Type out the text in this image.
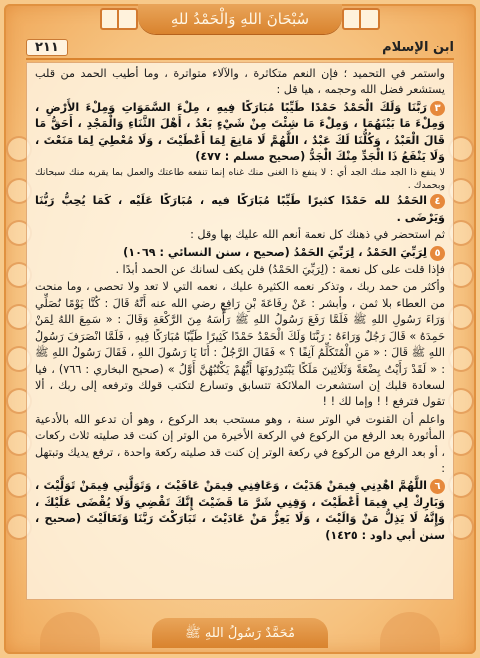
سُبْحَانَ اللهِ وَالْحَمْدُ للهِ
٢١١	ابن الإسلام

واستمر في التحميد ؛ فإن النعم متكاثرة ، والآلاء متواترة ، وما أطيب الحمد من قلب يستشعر فضل الله وحجمه ، هيا قل :

٣رَبَّنَا وَلَكَ الْحَمْدُ حَمْدًا طَيِّبًا مُبَارَكًا فِيهِ ، مِلْءَ السَّمَوَاتِ وَمِلْءَ الأَرْضِ ، وَمِلْءَ مَا بَيْنَهُمَا ، وَمِلْءَ مَا شِئْتَ مِنْ شَيْءٍ بَعْدُ ، أَهْلَ الثَّنَاءِ وَالْمَجْدِ ، أَحَقُّ مَا قَالَ الْعَبْدُ ، وَكُلُّنَا لَكَ عَبْدٌ ، اللَّهُمَّ لَا مَانِعَ لِمَا أَعْطَيْتَ ، وَلَا مُعْطِيَ لِمَا مَنَعْتَ ، وَلَا يَنْفَعُ ذَا الْجَدِّ مِنْكَ الْجَدُّ (صحيح مسلم : ٤٧٧)

لا ينفع ذا الجد منك الجد أي : لا ينفع ذا الغنى منك غناه إنما تنفعه طاعتك والعمل بما يقربه منك سبحانك وبحمدك .

٤الحَمْدُ لله حَمْدًا كثيرًا طَيِّبًا مُبَارَكًا فيه ، مُبَارَكًا عَلَيْه ، كَمَا يُحِبُّ رَبُّنَا وَيَرْضَى .

ثم استحضر في ذهنك كل نعمة أنعم الله عليك بها وقل :

٥لِرَبِّيَ الحَمْدُ ، لِرَبِّيَ الحَمْدُ (صحيح ، سنن النسائي : ١٠٦٩)

فإذا قلت على كل نعمة : (لِرَبِّيَ الحَمْدُ) فلن يكف لسانك عن الحمد أبدًا .

وأكثر من حمد ربك ، وتذكر نعمه الكثيرة عليك ، نعمه التي لا تعد ولا تحصى ، وما منحت من العطاء بلا ثمن ، وأبشر : عَنْ رِفَاعَةَ بْنِ رَافِعٍ رضي الله عنه أَنَّهُ قَالَ : كُنَّا يَوْمًا نُصَلِّي وَرَاءَ رَسُولِ اللهِ ﷺ فَلَمَّا رَفَعَ رَسُولُ اللهِ ﷺ رَأْسَهُ مِنَ الرَّكْعَةِ وَقَالَ : « سَمِعَ اللهُ لِمَنْ حَمِدَهُ » قَالَ رَجُلٌ وَرَاءَهُ : رَبَّنَا وَلَكَ الْحَمْدُ حَمْدًا كَثِيرًا طَيِّبًا مُبَارَكًا فِيهِ ، فَلَمَّا انْصَرَفَ رَسُولُ اللهِ ﷺ قَالَ : « مَنِ الْمُتَكَلِّمُ آنِفًا ؟ » فَقَالَ الرَّجُلُ : أَنَا يَا رَسُولَ اللهِ ، فَقَالَ رَسُولُ اللهِ ﷺ : « لَقَدْ رَأَيْتُ بِضْعَةً وَثَلَاثِينَ مَلَكًا يَبْتَدِرُونَهَا أَيُّهُمْ يَكْتُبُهُنَّ أَوَّلُ » (صحيح البخاري : ٧٦٦) ، فيا لسعادة قلبك إن استشعرت الملائكة تتسابق وتسارع لتكتب قولك وترفعه إلى ربك ، ألا تقول فترفع ! ! وإما لك ! !

واعلم أن القنوت في الوتر سنة ، وهو مستحب بعد الركوع ، وهو أن تدعو الله بالأدعية المأثورة بعد الرفع من الركوع في الركعة الأخيرة من الوتر إن كنت قد صليته ثلاث ركعات ، أو بعد الرفع من الركوع في ركعة الوتر إن كنت قد صليته ركعة واحدة ، ترفع يديك وتبتهل :

٦اللَّهُمَّ اهْدِنِي فِيمَنْ هَدَيْتَ ، وَعَافِنِي فِيمَنْ عَافَيْتَ ، وَتَوَلَّنِي فِيمَنْ تَوَلَّيْتَ ، وَبَارِكْ لِي فِيمَا أَعْطَيْتَ ، وَقِنِي شَرَّ مَا قَضَيْتَ إِنَّكَ تَقْضِي وَلَا يُقْضَى عَلَيْكَ ، وَإِنَّهُ لَا يَذِلُّ مَنْ وَالَيْتَ ، وَلَا يَعِزُّ مَنْ عَادَيْتَ ، تَبَارَكْتَ رَبَّنَا وَتَعَالَيْتَ (صحيح ، سنن أبي داود : ١٤٢٥)

مُحَمَّدٌ رَسُولُ اللهِ ﷺ
